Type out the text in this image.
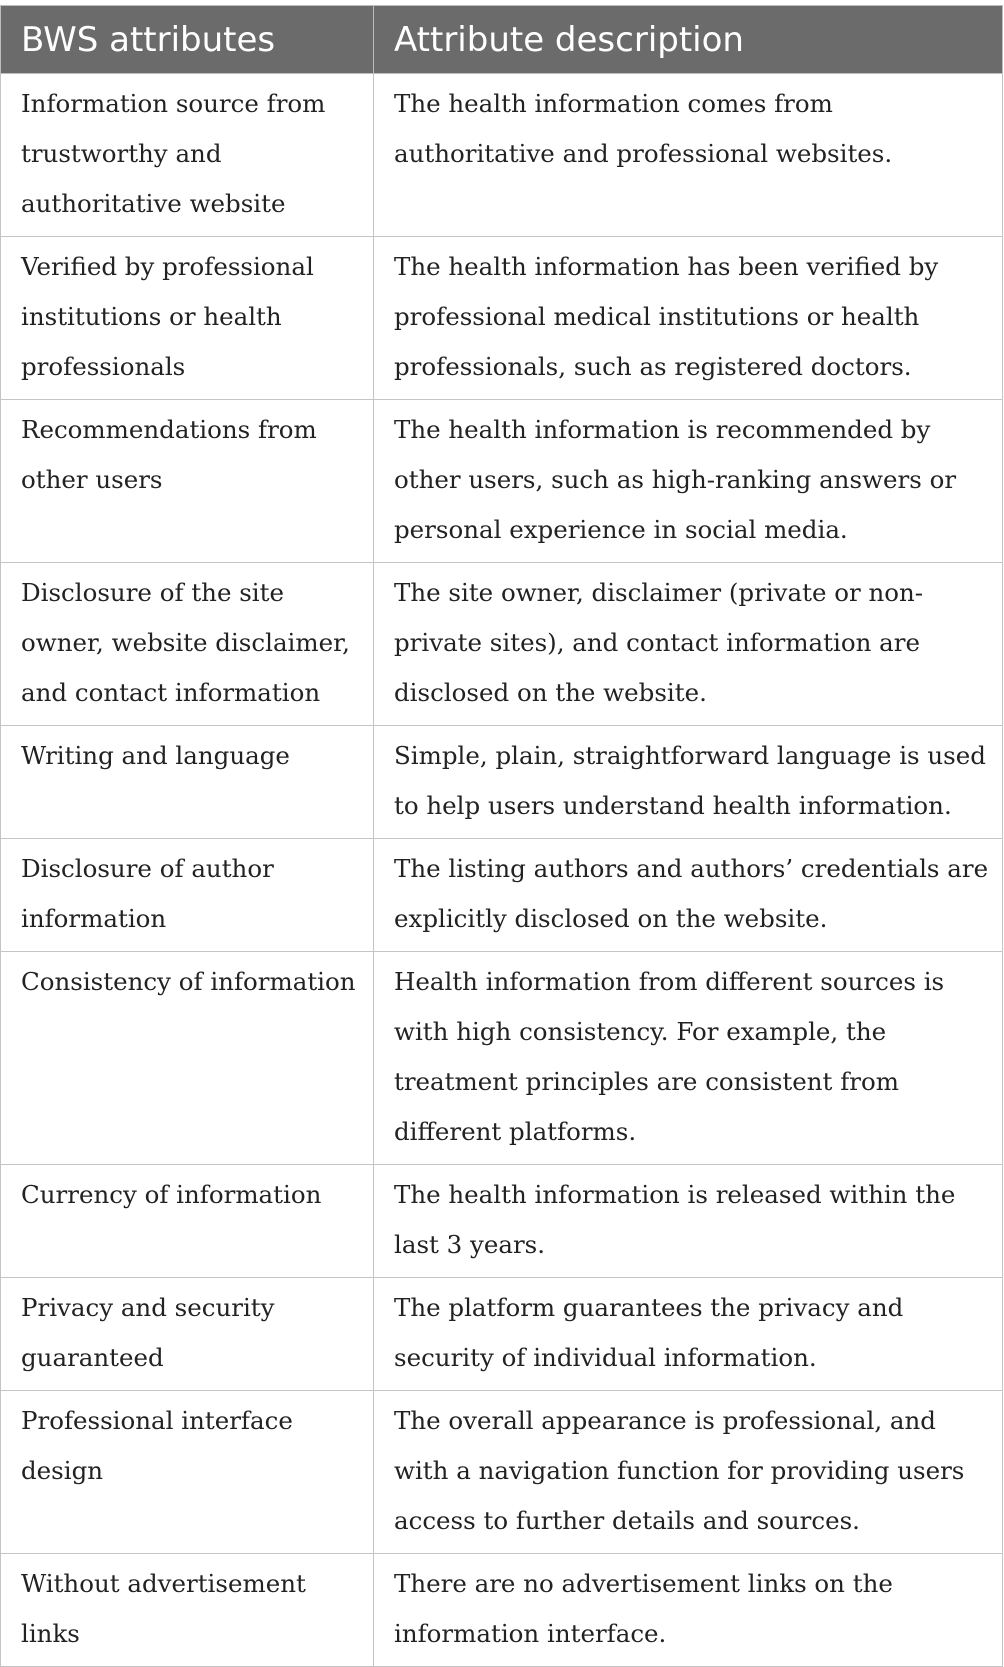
BWS attributes	Attribute description
Information source from trustworthy and authoritative website	The health information comes from authoritative and professional websites.
Verified by professional institutions or health professionals	The health information has been verified by professional medical institutions or health professionals, such as registered doctors.
Recommendations from other users	The health information is recommended by other users, such as high-ranking answers or personal experience in social media.
Disclosure of the site owner, website disclaimer, and contact information	The site owner, disclaimer (private or non-private sites), and contact information are disclosed on the website.
Writing and language	Simple, plain, straightforward language is used to help users understand health information.
Disclosure of author information	The listing authors and authors’ credentials are explicitly disclosed on the website.
Consistency of information	Health information from different sources is with high consistency. For example, the treatment principles are consistent from different platforms.
Currency of information	The health information is released within the last 3 years.
Privacy and security guaranteed	The platform guarantees the privacy and security of individual information.
Professional interface design	The overall appearance is professional, and with a navigation function for providing users access to further details and sources.
Without advertisement links	There are no advertisement links on the information interface.
